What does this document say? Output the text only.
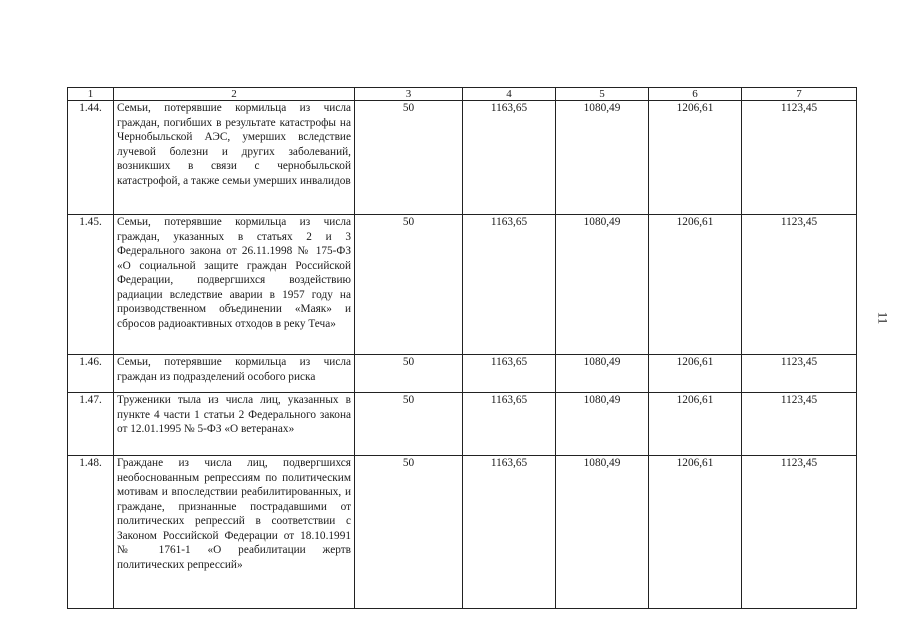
1	2	3	4	5	6	7
1.44.	Семьи, потерявшие кормильца из числа граждан, погибших в результате катастрофы на Чернобыльской АЭС, умерших вследствие лучевой болезни и других заболеваний, возникших в связи с чернобыльской катастрофой, а также семьи умерших инвалидов	50	1163,65	1080,49	1206,61	1123,45
1.45.	Семьи, потерявшие кормильца из числа граждан, указанных в статьях 2 и 3 Федерального закона от 26.11.1998 № 175-ФЗ «О социальной защите граждан Российской Федерации, подвергшихся воздействию радиации вследствие аварии в 1957 году на производственном объединении «Маяк» и сбросов радиоактивных отходов в реку Теча»	50	1163,65	1080,49	1206,61	1123,45
1.46.	Семьи, потерявшие кормильца из числа граждан из подразделений особого риска	50	1163,65	1080,49	1206,61	1123,45
1.47.	Труженики тыла из числа лиц, указанных в пункте 4 части 1 статьи 2 Федерального закона от 12.01.1995 № 5-ФЗ «О ветеранах»	50	1163,65	1080,49	1206,61	1123,45
1.48.	Граждане из числа лиц, подвергшихся необоснованным репрессиям по политическим мотивам и впоследствии реабилитированных, и граждане, признанные пострадавшими от политических репрессий в соответствии с Законом Российской Федерации от 18.10.1991 № 1761-1 «О реабилитации жертв политических репрессий»	50	1163,65	1080,49	1206,61	1123,45
11
